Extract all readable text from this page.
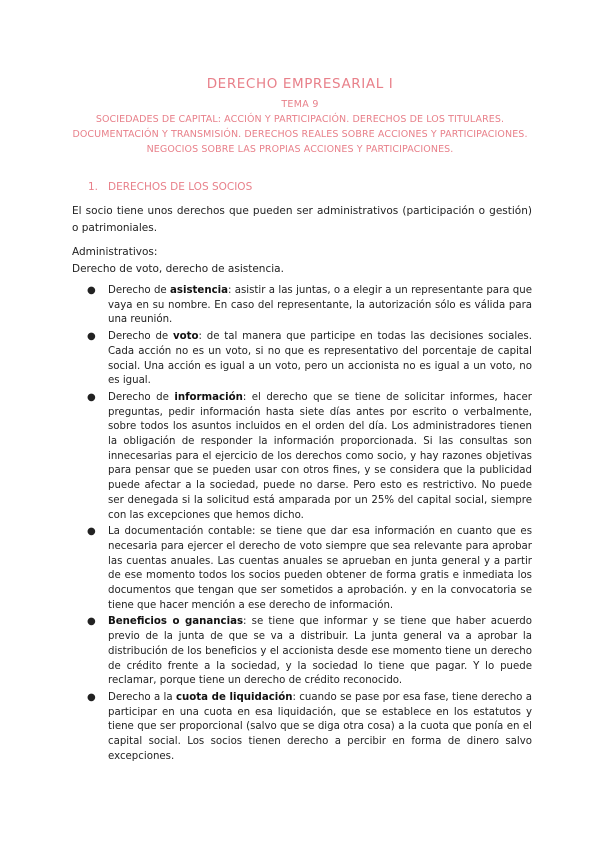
DERECHO EMPRESARIAL I
TEMA 9
SOCIEDADES DE CAPITAL: ACCIÓN Y PARTICIPACIÓN. DERECHOS DE LOS TITULARES. DOCUMENTACIÓN Y TRANSMISIÓN. DERECHOS REALES SOBRE ACCIONES Y PARTICIPACIONES. NEGOCIOS SOBRE LAS PROPIAS ACCIONES Y PARTICIPACIONES.
1. DERECHOS DE LOS SOCIOS
El socio tiene unos derechos que pueden ser administrativos (participación o gestión) o patrimoniales.
Administrativos:
Derecho de voto, derecho de asistencia.
● Derecho de asistencia: asistir a las juntas, o a elegir a un representante para que vaya en su nombre. En caso del representante, la autorización sólo es válida para una reunión.
● Derecho de voto: de tal manera que participe en todas las decisiones sociales. Cada acción no es un voto, si no que es representativo del porcentaje de capital social. Una acción es igual a un voto, pero un accionista no es igual a un voto, no es igual.
● Derecho de información: el derecho que se tiene de solicitar informes, hacer preguntas, pedir información hasta siete días antes por escrito o verbalmente, sobre todos los asuntos incluidos en el orden del día. Los administradores tienen la obligación de responder la información proporcionada. Si las consultas son innecesarias para el ejercicio de los derechos como socio, y hay razones objetivas para pensar que se pueden usar con otros fines, y se considera que la publicidad puede afectar a la sociedad, puede no darse. Pero esto es restrictivo. No puede ser denegada si la solicitud está amparada por un 25% del capital social, siempre con las excepciones que hemos dicho.
● La documentación contable: se tiene que dar esa información en cuanto que es necesaria para ejercer el derecho de voto siempre que sea relevante para aprobar las cuentas anuales. Las cuentas anuales se aprueban en junta general y a partir de ese momento todos los socios pueden obtener de forma gratis e inmediata los documentos que tengan que ser sometidos a aprobación. y en la convocatoria se tiene que hacer mención a ese derecho de información.
● Beneficios o ganancias: se tiene que informar y se tiene que haber acuerdo previo de la junta de que se va a distribuir. La junta general va a aprobar la distribución de los beneficios y el accionista desde ese momento tiene un derecho de crédito frente a la sociedad, y la sociedad lo tiene que pagar. Y lo puede reclamar, porque tiene un derecho de crédito reconocido.
● Derecho a la cuota de liquidación: cuando se pase por esa fase, tiene derecho a participar en una cuota en esa liquidación, que se establece en los estatutos y tiene que ser proporcional (salvo que se diga otra cosa) a la cuota que ponía en el capital social. Los socios tienen derecho a percibir en forma de dinero salvo excepciones.
